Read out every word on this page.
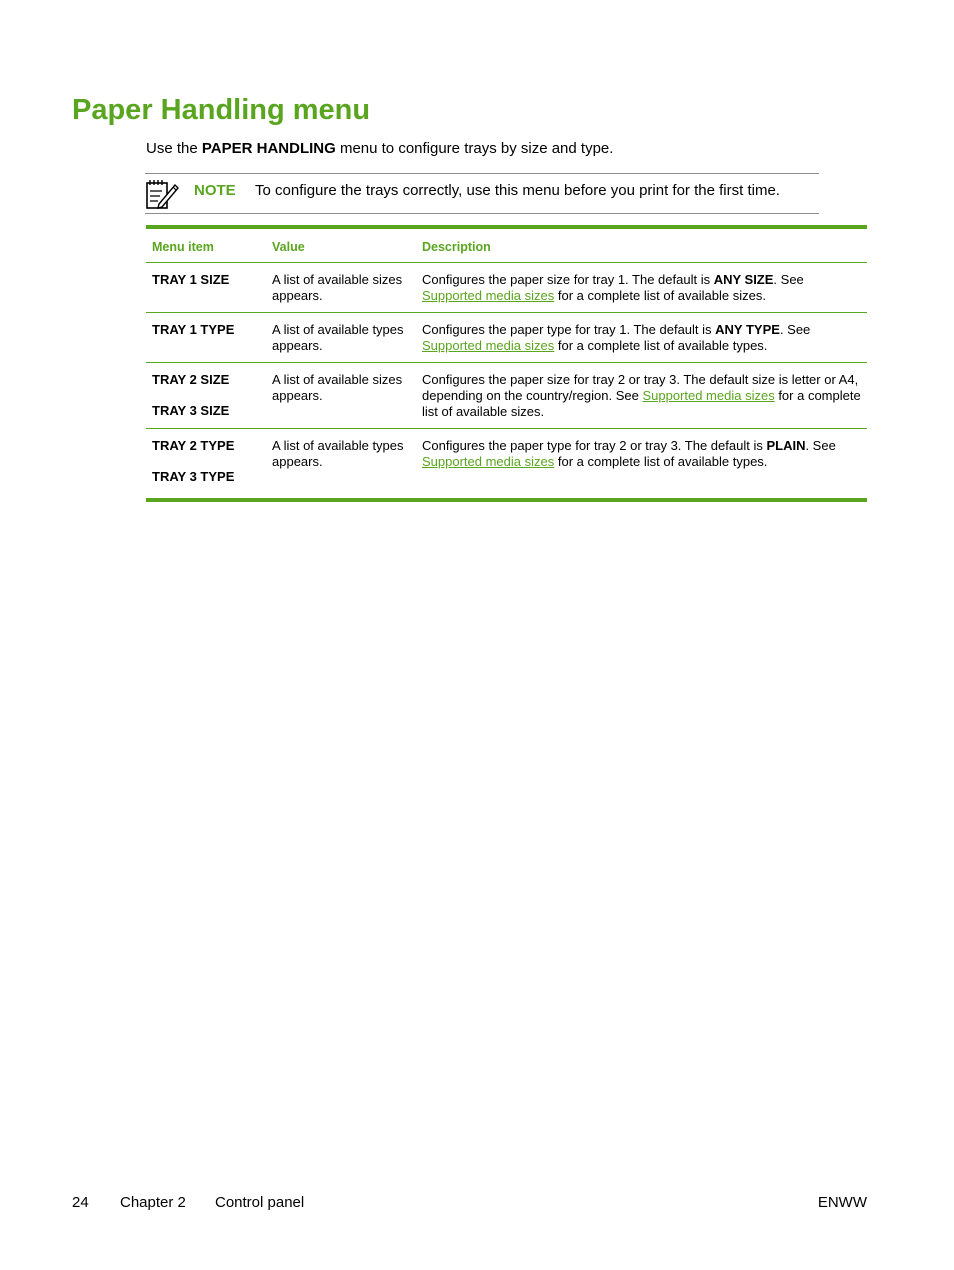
Paper Handling menu

Use the PAPER HANDLING menu to configure trays by size and type.

NOTE To configure the trays correctly, use this menu before you print for the first time.
Menu item	Value	Description

TRAY 1 SIZE	A list of available sizes appears.	Configures the paper size for tray 1. The default is ANY SIZE. See Supported media sizes for a complete list of available sizes.

TRAY 1 TYPE	A list of available types appears.	Configures the paper type for tray 1. The default is ANY TYPE. See Supported media sizes for a complete list of available types.

TRAY 2 SIZE
TRAY 3 SIZE	A list of available sizes appears.	Configures the paper size for tray 2 or tray 3. The default size is letter or A4, depending on the country/region. See Supported media sizes for a complete list of available sizes.

TRAY 2 TYPE
TRAY 3 TYPE	A list of available types appears.	Configures the paper type for tray 2 or tray 3. The default is PLAIN. See Supported media sizes for a complete list of available types.
24 Chapter 2 Control panel	ENWW
